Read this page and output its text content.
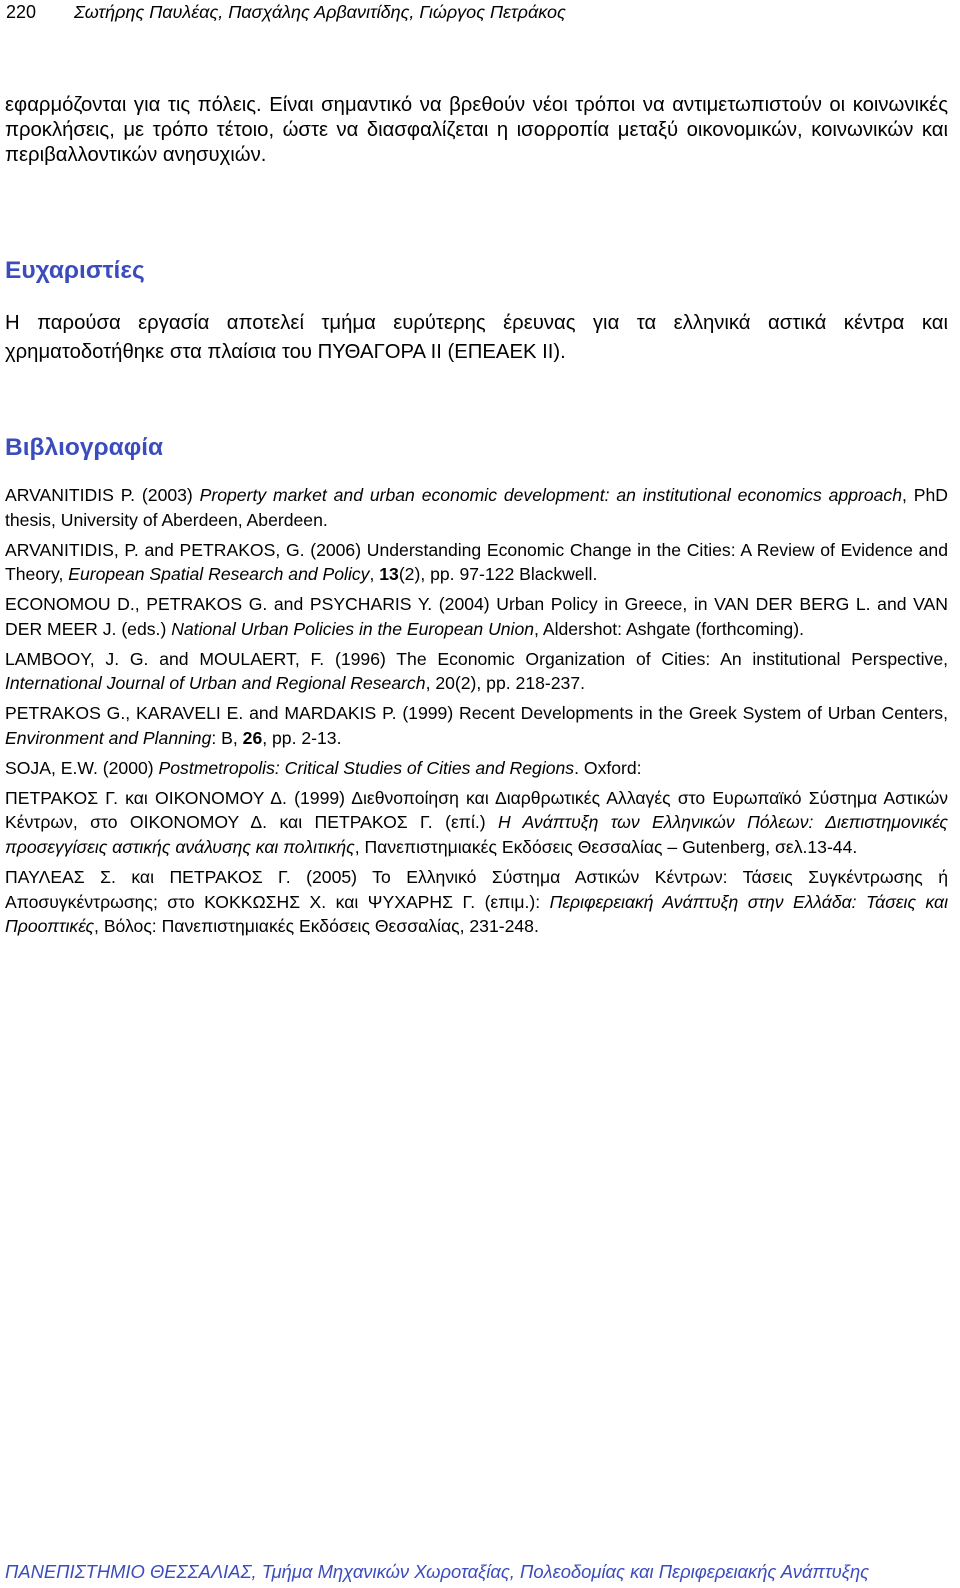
220 Σωτήρης Παυλέας, Πασχάλης Αρβανιτίδης, Γιώργος Πετράκος

εφαρμόζονται για τις πόλεις. Είναι σημαντικό να βρεθούν νέοι τρόποι να αντιμετωπιστούν οι κοινωνικές προκλήσεις, με τρόπο τέτοιο, ώστε να διασφαλίζεται η ισορροπία μεταξύ οικονομικών, κοινωνικών και περιβαλλοντικών ανησυχιών.

Ευχαριστίες

Η παρούσα εργασία αποτελεί τμήμα ευρύτερης έρευνας για τα ελληνικά αστικά κέντρα και χρηματοδοτήθηκε στα πλαίσια του ΠΥΘΑΓΟΡΑ ΙΙ (ΕΠΕΑΕΚ ΙΙ).

Βιβλιογραφία
ARVANITIDIS P. (2003) Property market and urban economic development: an institutional economics approach, PhD thesis, University of Aberdeen, Aberdeen.
ARVANITIDIS, P. and PETRAKOS, G. (2006) Understanding Economic Change in the Cities: A Review of Evidence and Theory, European Spatial Research and Policy, 13(2), pp. 97-122 Blackwell.
ECONOMOU D., PETRAKOS G. and PSYCHARIS Y. (2004) Urban Policy in Greece, in VAN DER BERG L. and VAN DER MEER J. (eds.) National Urban Policies in the European Union, Aldershot: Ashgate (forthcoming).
LAMBOOY, J. G. and MOULAERT, F. (1996) The Economic Organization of Cities: An institutional Perspective, International Journal of Urban and Regional Research, 20(2), pp. 218-237.
PETRAKOS G., KARAVELI E. and MARDAKIS P. (1999) Recent Developments in the Greek System of Urban Centers, Environment and Planning: B, 26, pp. 2-13.
SOJA, E.W. (2000) Postmetropolis: Critical Studies of Cities and Regions. Oxford:
ΠΕΤΡΑΚΟΣ Γ. και ΟΙΚΟΝΟΜΟΥ Δ. (1999) Διεθνοποίηση και Διαρθρωτικές Αλλαγές στο Ευρωπαϊκό Σύστημα Αστικών Κέντρων, στο ΟΙΚΟΝΟΜΟΥ Δ. και ΠΕΤΡΑΚΟΣ Γ. (επί.) Η Ανάπτυξη των Ελληνικών Πόλεων: Διεπιστημονικές προσεγγίσεις αστικής ανάλυσης και πολιτικής, Πανεπιστημιακές Εκδόσεις Θεσσαλίας – Gutenberg, σελ.13-44.
ΠΑΥΛΕΑΣ Σ. και ΠΕΤΡΑΚΟΣ Γ. (2005) Το Ελληνικό Σύστημα Αστικών Κέντρων: Τάσεις Συγκέντρωσης ή Αποσυγκέντρωσης; στο ΚΟΚΚΩΣΗΣ Χ. και ΨΥΧΑΡΗΣ Γ. (επιμ.): Περιφερειακή Ανάπτυξη στην Ελλάδα: Τάσεις και Προοπτικές, Βόλος: Πανεπιστημιακές Εκδόσεις Θεσσαλίας, 231-248.

ΠΑΝΕΠΙΣΤΗΜΙΟ ΘΕΣΣΑΛΙΑΣ, Τμήμα Μηχανικών Χωροταξίας, Πολεοδομίας και Περιφερειακής Ανάπτυξης
